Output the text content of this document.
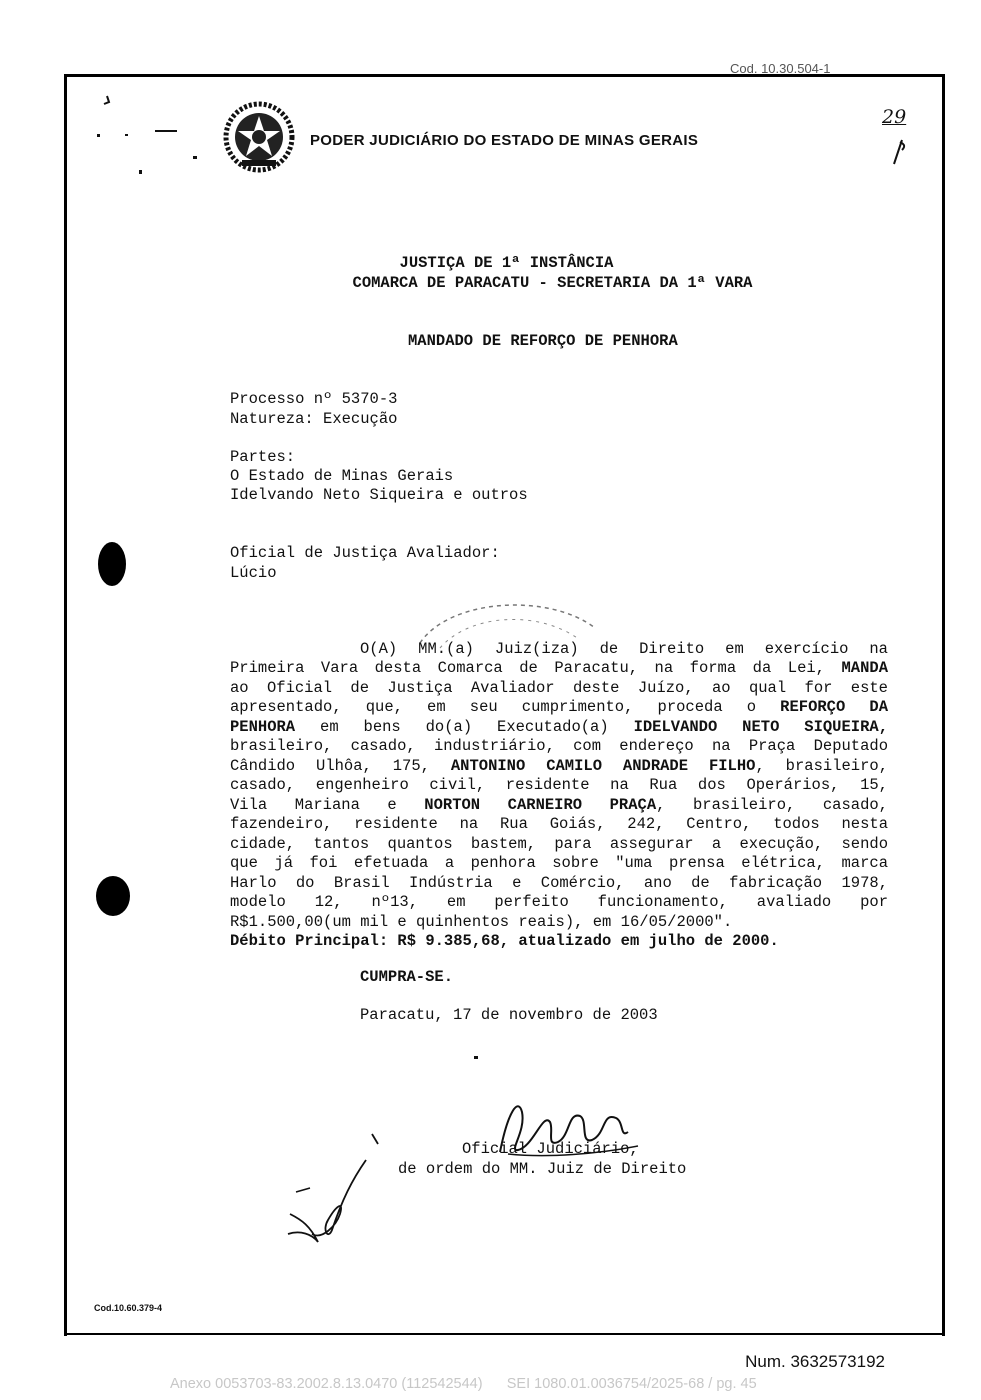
Cod. 10.30.504-1
PODER JUDICIÁRIO DO ESTADO DE MINAS GERAIS
29
JUSTIÇA DE 1ª INSTÂNCIA
COMARCA DE PARACATU - SECRETARIA DA 1ª VARA
MANDADO DE REFORÇO DE PENHORA
Processo nº 5370-3
Natureza: Execução
Partes:
O Estado de Minas Gerais
Idelvando Neto Siqueira e outros
Oficial de Justiça Avaliador:
Lúcio
O(A) MM.(a) Juiz(iza) de Direito em exercício na
Primeira Vara desta Comarca de Paracatu, na forma da Lei, MANDA
ao Oficial de Justiça Avaliador deste Juízo, ao qual for este
apresentado, que, em seu cumprimento, proceda o REFORÇO DA
PENHORA em bens do(a) Executado(a) IDELVANDO NETO SIQUEIRA,
brasileiro, casado, industriário, com endereço na Praça Deputado
Cândido Ulhôa, 175, ANTONINO CAMILO ANDRADE FILHO, brasileiro,
casado, engenheiro civil, residente na Rua dos Operários, 15,
Vila Mariana e NORTON CARNEIRO PRAÇA, brasileiro, casado,
fazendeiro, residente na Rua Goiás, 242, Centro, todos nesta
cidade, tantos quantos bastem, para assegurar a execução, sendo
que já foi efetuada a penhora sobre "uma prensa elétrica, marca
Harlo do Brasil Indústria e Comércio, ano de fabricação 1978,
modelo 12, nº13, em perfeito funcionamento, avaliado por
R$1.500,00(um mil e quinhentos reais), em 16/05/2000".
Débito Principal: R$ 9.385,68, atualizado em julho de 2000.
CUMPRA-SE.
Paracatu, 17 de novembro de 2003
Oficial Judiciário,
de ordem do MM. Juiz de Direito
Cod.10.60.379-4
Num. 3632573192
Anexo 0053703-83.2002.8.13.0470 (112542544)      SEI 1080.01.0036754/2025-68 / pg. 45
